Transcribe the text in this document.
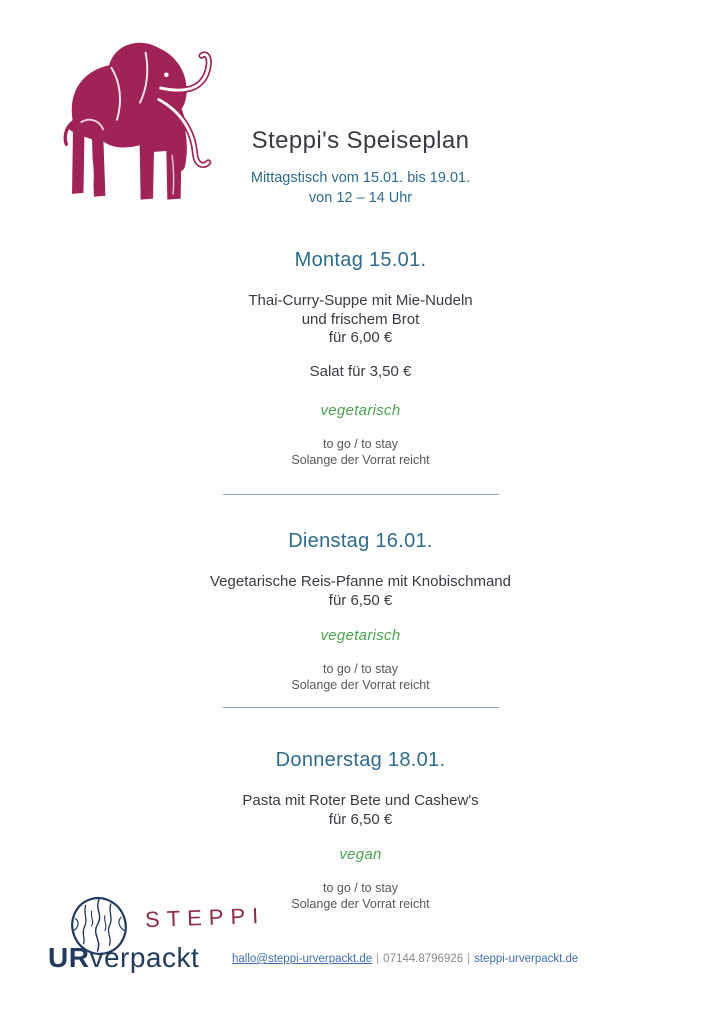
Steppi's Speiseplan
Mittagstisch vom 15.01. bis 19.01.
von 12 – 14 Uhr
Montag 15.01.
Thai-Curry-Suppe mit Mie-Nudeln
und frischem Brot
für 6,00 €
Salat für 3,50 €
vegetarisch
to go / to stay
Solange der Vorrat reicht
Dienstag 16.01.
Vegetarische Reis-Pfanne mit Knobischmand
für 6,50 €
vegetarisch
to go / to stay
Solange der Vorrat reicht
Donnerstag 18.01.
Pasta mit Roter Bete und Cashew's
für 6,50 €
vegan
to go / to stay
Solange der Vorrat reicht
STEPPI
URverpackt	hallo@steppi-urverpackt.de | 07144.8796926 | steppi-urverpackt.de
